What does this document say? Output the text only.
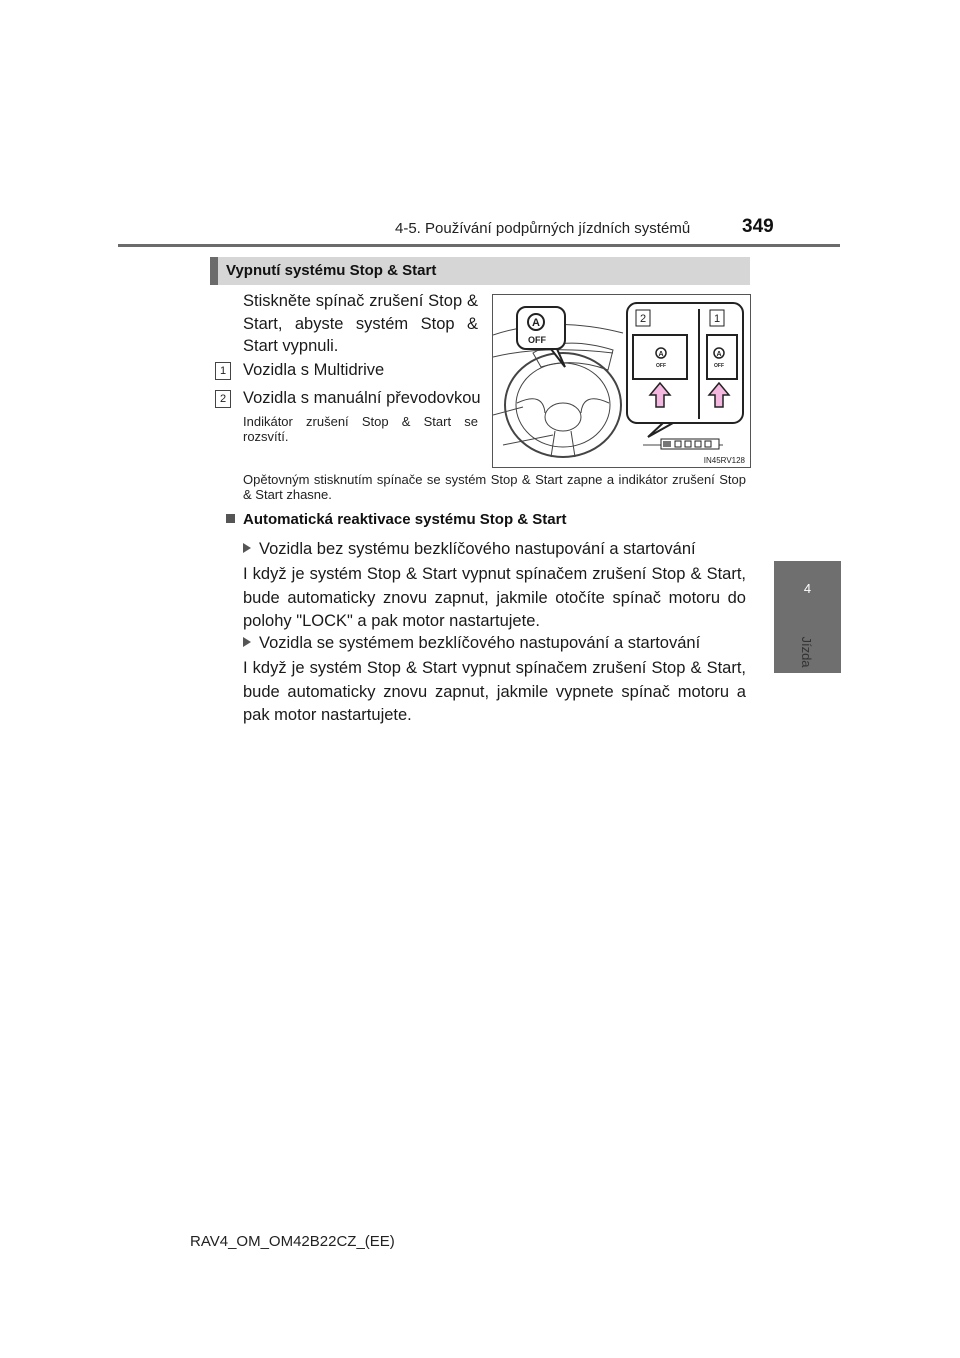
4-5. Používání podpůrných jízdních systémů	349
4
Jízda
Vypnutí systému Stop & Start
Stiskněte spínač zrušení Stop & Start, abyste systém Stop & Start vypnuli.
1 Vozidla s Multidrive
2 Vozidla s manuální převodovkou
Indikátor zrušení Stop & Start se rozsvítí.
A
OFF
2	1
A
OFF
A
OFF
IN45RV128
Opětovným stisknutím spínače se systém Stop & Start zapne a indikátor zrušení Stop & Start zhasne.
Automatická reaktivace systému Stop & Start
Vozidla bez systému bezklíčového nastupování a startování
I když je systém Stop & Start vypnut spínačem zrušení Stop & Start, bude automaticky znovu zapnut, jakmile otočíte spínač motoru do polohy "LOCK" a pak motor nastartujete.
Vozidla se systémem bezklíčového nastupování a startování
I když je systém Stop & Start vypnut spínačem zrušení Stop & Start, bude automaticky znovu zapnut, jakmile vypnete spínač motoru a pak motor nastartujete.
RAV4_OM_OM42B22CZ_(EE)
